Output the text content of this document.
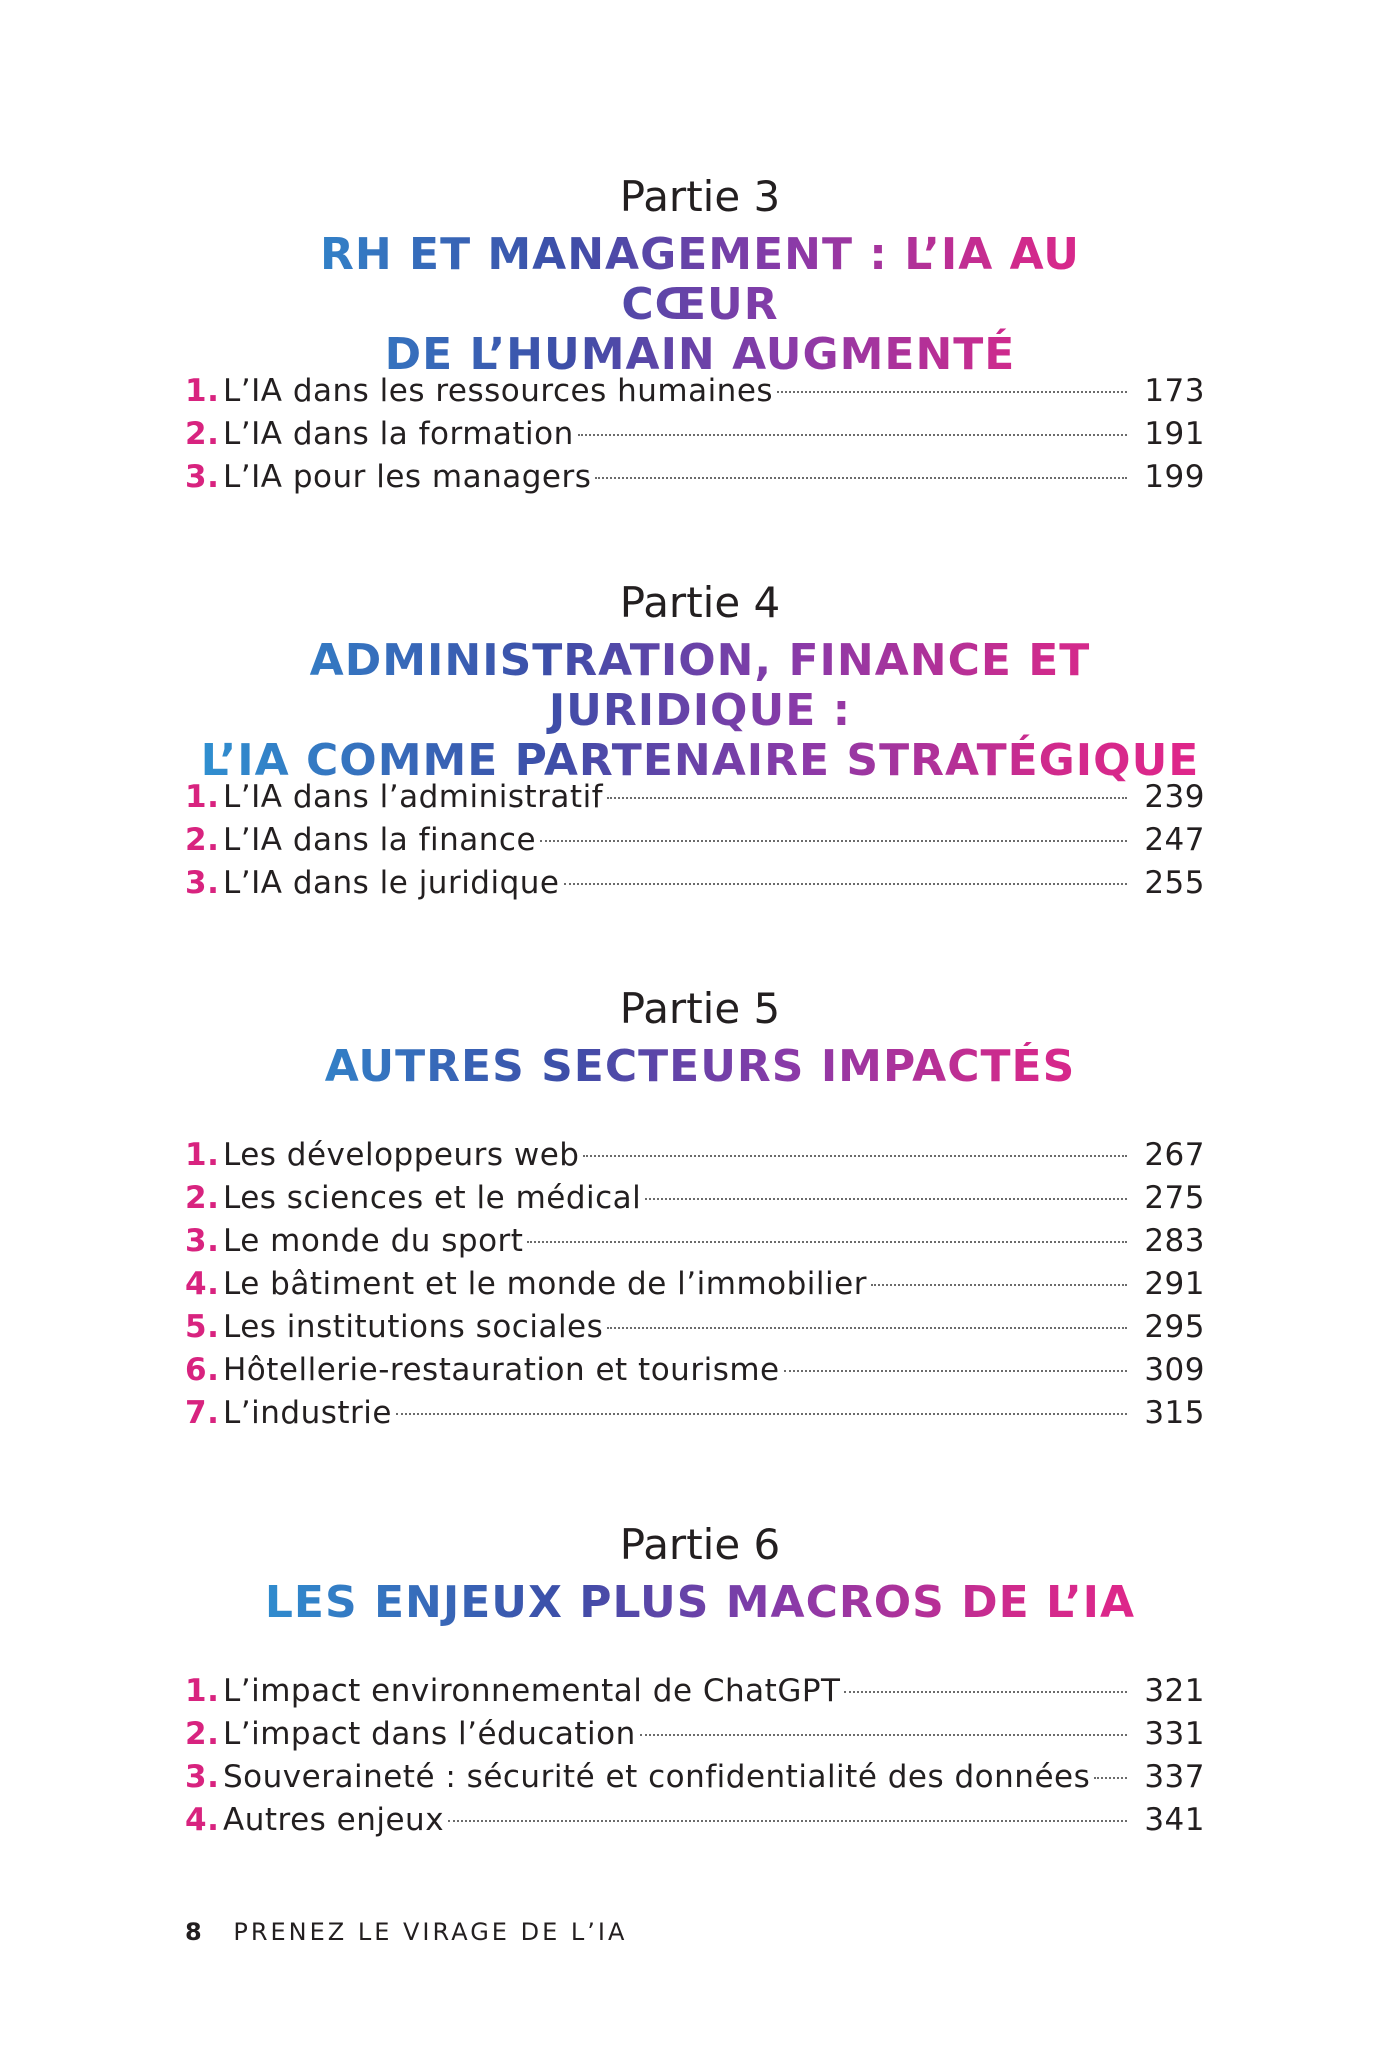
Partie 3
RH ET MANAGEMENT : L’IA AU CŒUR
DE L’HUMAIN AUGMENTÉ
1. L’IA dans les ressources humaines	173
2. L’IA dans la formation	191
3. L’IA pour les managers	199
Partie 4
ADMINISTRATION, FINANCE ET JURIDIQUE :
L’IA COMME PARTENAIRE STRATÉGIQUE
1. L’IA dans l’administratif	239
2. L’IA dans la finance	247
3. L’IA dans le juridique	255
Partie 5
AUTRES SECTEURS IMPACTÉS
1. Les développeurs web	267
2. Les sciences et le médical	275
3. Le monde du sport	283
4. Le bâtiment et le monde de l’immobilier	291
5. Les institutions sociales	295
6. Hôtellerie-restauration et tourisme	309
7. L’industrie	315
Partie 6
LES ENJEUX PLUS MACROS DE L’IA
1. L’impact environnemental de ChatGPT	321
2. L’impact dans l’éducation	331
3. Souveraineté : sécurité et confidentialité des données	337
4. Autres enjeux	341
8 PRENEZ LE VIRAGE DE L’IA
